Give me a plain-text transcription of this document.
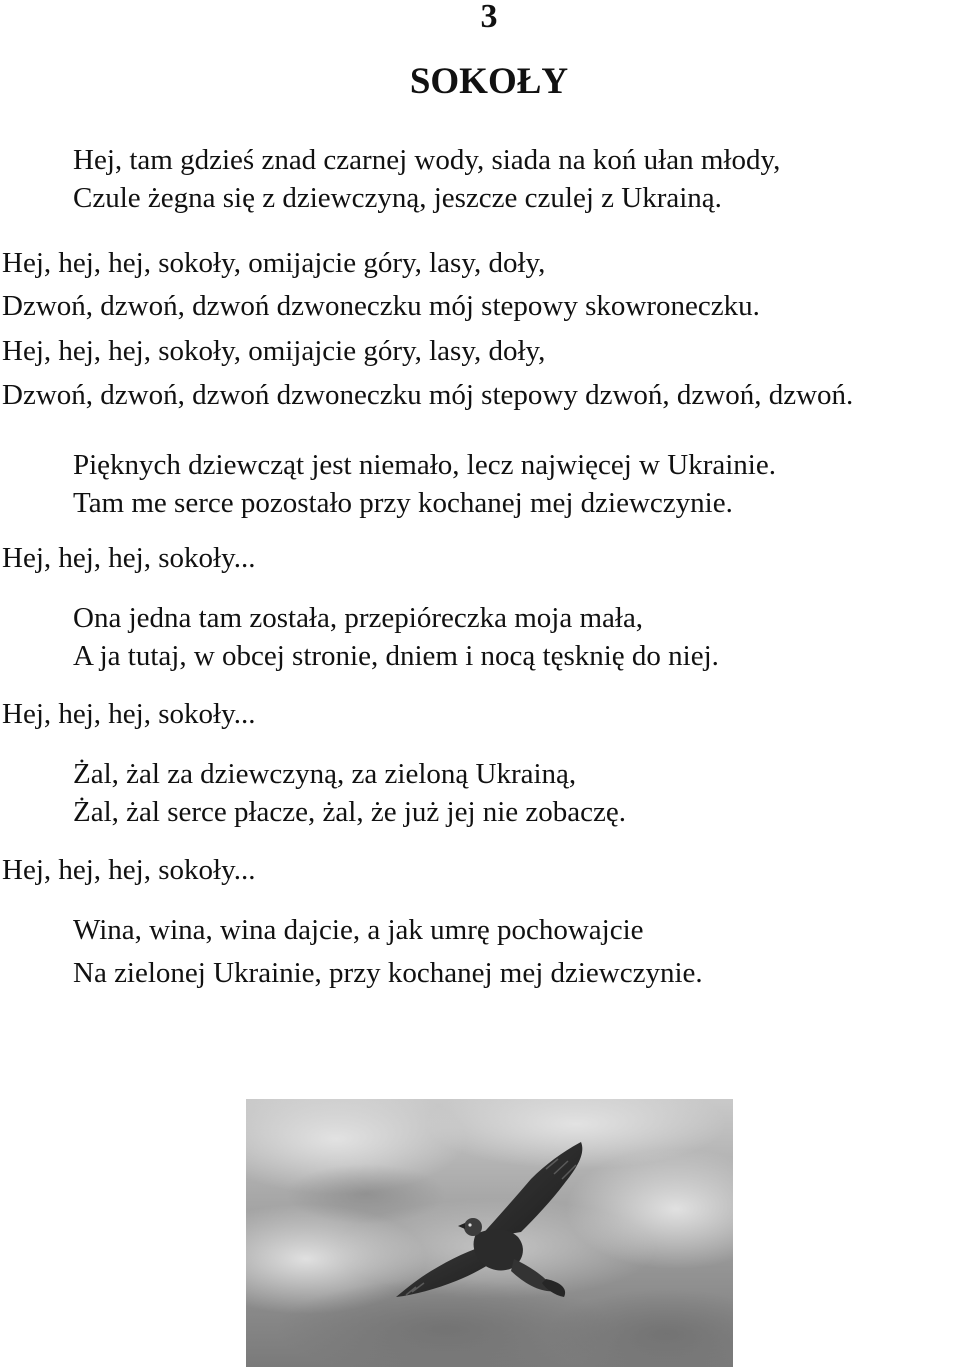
3
SOKOŁY
Hej, tam gdzieś znad czarnej wody, siada na koń ułan młody,
Czule żegna się z dziewczyną, jeszcze czulej z Ukrainą.
Hej, hej, hej, sokoły, omijajcie góry, lasy, doły,
Dzwoń, dzwoń, dzwoń dzwoneczku mój stepowy skowroneczku.
Hej, hej, hej, sokoły, omijajcie góry, lasy, doły,
Dzwoń, dzwoń, dzwoń dzwoneczku mój stepowy dzwoń, dzwoń, dzwoń.
Pięknych dziewcząt jest niemało, lecz najwięcej w Ukrainie.
Tam me serce pozostało przy kochanej mej dziewczynie.
Hej, hej, hej, sokoły...
Ona jedna tam została, przepióreczka moja mała,
A ja tutaj, w obcej stronie, dniem i nocą tęsknię do niej.
Hej, hej, hej, sokoły...
Żal, żal za dziewczyną, za zieloną Ukrainą,
Żal, żal serce płacze, żal, że już jej nie zobaczę.
Hej, hej, hej, sokoły...
Wina, wina, wina dajcie, a jak umrę pochowajcie
Na zielonej Ukrainie, przy kochanej mej dziewczynie.
